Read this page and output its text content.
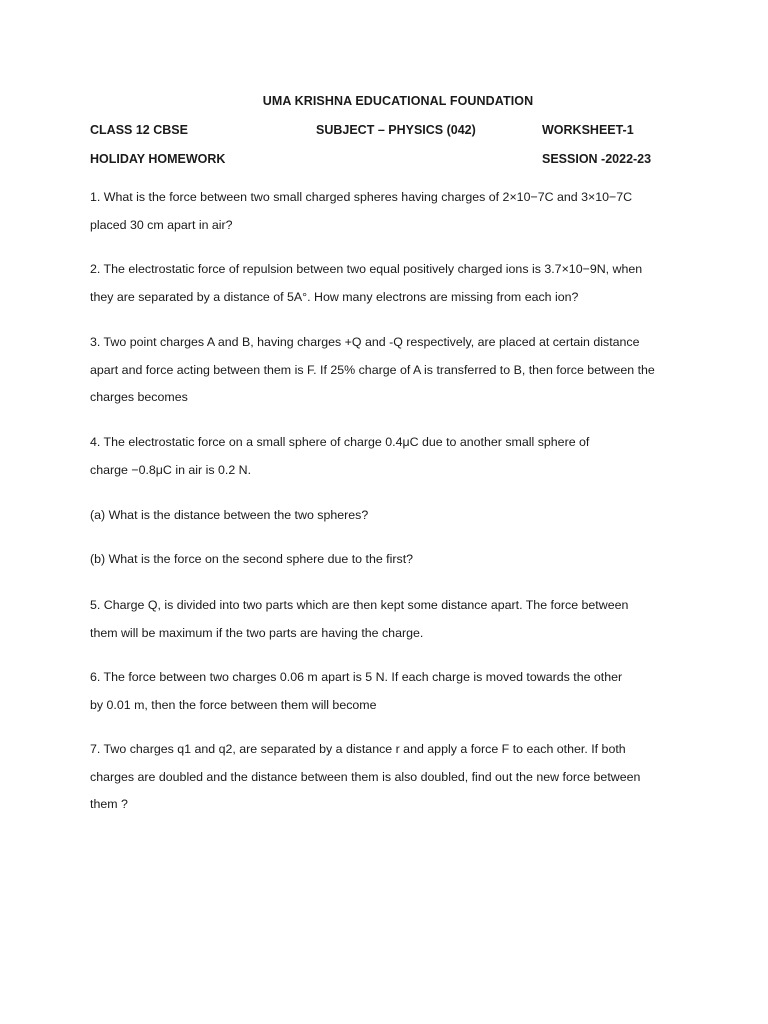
UMA KRISHNA EDUCATIONAL FOUNDATION
CLASS 12 CBSE	SUBJECT – PHYSICS (042)	WORKSHEET-1
HOLIDAY HOMEWORK	SESSION -2022-23
1. What is the force between two small charged spheres having charges of 2×10−7C and 3×10−7C
placed 30 cm apart in air?
2. The electrostatic force of repulsion between two equal positively charged ions is 3.7×10−9N, when
they are separated by a distance of 5A°. How many electrons are missing from each ion?
3. Two point charges A and B, having charges +Q and -Q respectively, are placed at certain distance
apart and force acting between them is F. If 25% charge of A is transferred to B, then force between the
charges becomes
4. The electrostatic force on a small sphere of charge 0.4μC due to another small sphere of
charge −0.8μC in air is 0.2 N.
(a) What is the distance between the two spheres?
(b) What is the force on the second sphere due to the first?
5. Charge Q, is divided into two parts which are then kept some distance apart. The force between
them will be maximum if the two parts are having the charge.
6. The force between two charges 0.06 m apart is 5 N. If each charge is moved towards the other
by 0.01 m, then the force between them will become
7. Two charges q1 and q2, are separated by a distance r and apply a force F to each other. If both
charges are doubled and the distance between them is also doubled, find out the new force between
them ?
